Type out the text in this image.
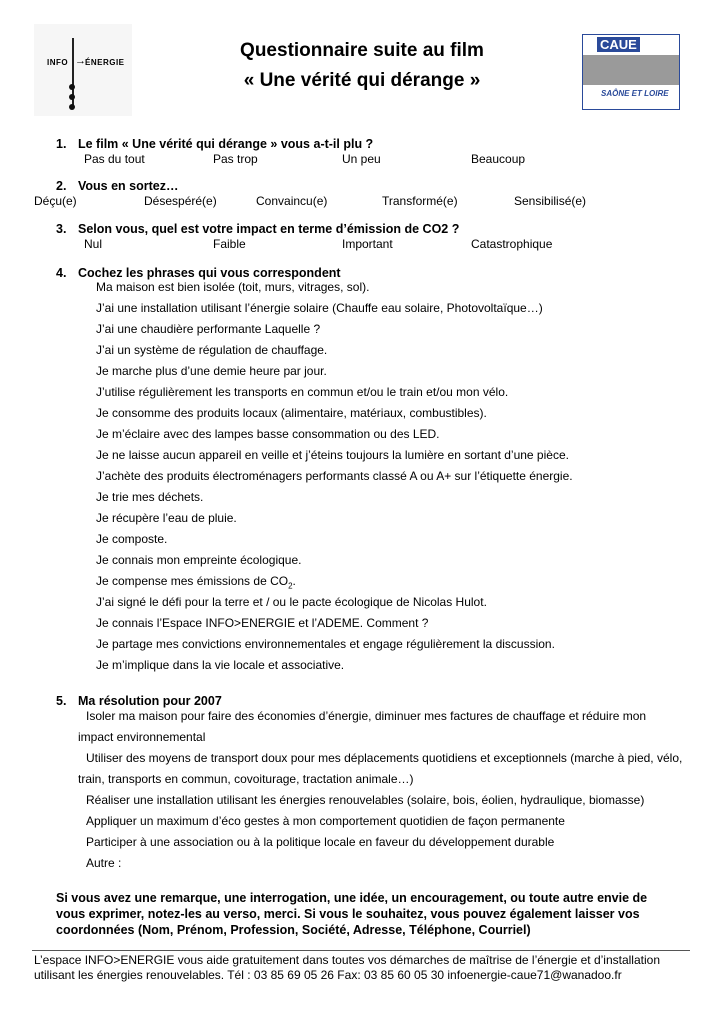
INFO → ÉNERGIE
Questionnaire suite au film
« Une vérité qui dérange »
CAUE
SAÔNE ET LOIRE
1. Le film « Une vérité qui dérange » vous a-t-il plu ?
Pas du tout	Pas trop	Un peu	Beaucoup
2. Vous en sortez…
Déçu(e)	Désespéré(e)	Convaincu(e)	Transformé(e)	Sensibilisé(e)
3. Selon vous, quel est votre impact en terme d’émission de CO2 ?
Nul	Faible	Important	Catastrophique
4. Cochez les phrases qui vous correspondent
Ma maison est bien isolée (toit, murs, vitrages, sol).
J’ai une installation utilisant l’énergie solaire (Chauffe eau solaire, Photovoltaïque…)
J’ai une chaudière performante Laquelle ?
J’ai un système de régulation de chauffage.
Je marche plus d’une demie heure par jour.
J’utilise régulièrement les transports en commun et/ou le train et/ou mon vélo.
Je consomme des produits locaux (alimentaire, matériaux, combustibles).
Je m’éclaire avec des lampes basse consommation ou des LED.
Je ne laisse aucun appareil en veille et j’éteins toujours la lumière en sortant d’une pièce.
J’achète des produits électroménagers performants classé A ou A+ sur l’étiquette énergie.
Je trie mes déchets.
Je récupère l’eau de pluie.
Je composte.
Je connais mon empreinte écologique.
Je compense mes émissions de $CO_2$.
J’ai signé le défi pour la terre et / ou le pacte écologique de Nicolas Hulot.
Je connais l’Espace INFO>ENERGIE et l’ADEME. Comment ?
Je partage mes convictions environnementales et engage régulièrement la discussion.
Je m’implique dans la vie locale et associative.
5. Ma résolution pour 2007
Isoler ma maison pour faire des économies d’énergie, diminuer mes factures de chauffage et réduire mon
impact environnemental
Utiliser des moyens de transport doux pour mes déplacements quotidiens et exceptionnels (marche à pied, vélo,
train, transports en commun, covoiturage, tractation animale…)
Réaliser une installation utilisant les énergies renouvelables (solaire, bois, éolien, hydraulique, biomasse)
Appliquer un maximum d’éco gestes à mon comportement quotidien de façon permanente
Participer à une association ou à la politique locale en faveur du développement durable
Autre :
Si vous avez une remarque, une interrogation, une idée, un encouragement, ou toute autre envie de
vous exprimer, notez-les au verso, merci. Si vous le souhaitez, vous pouvez également laisser vos
coordonnées (Nom, Prénom, Profession, Société, Adresse, Téléphone, Courriel)
L’espace INFO>ENERGIE vous aide gratuitement dans toutes vos démarches de maîtrise de l’énergie et d’installation
utilisant les énergies renouvelables. Tél : 03 85 69 05 26 Fax: 03 85 60 05 30 infoenergie-caue71@wanadoo.fr
